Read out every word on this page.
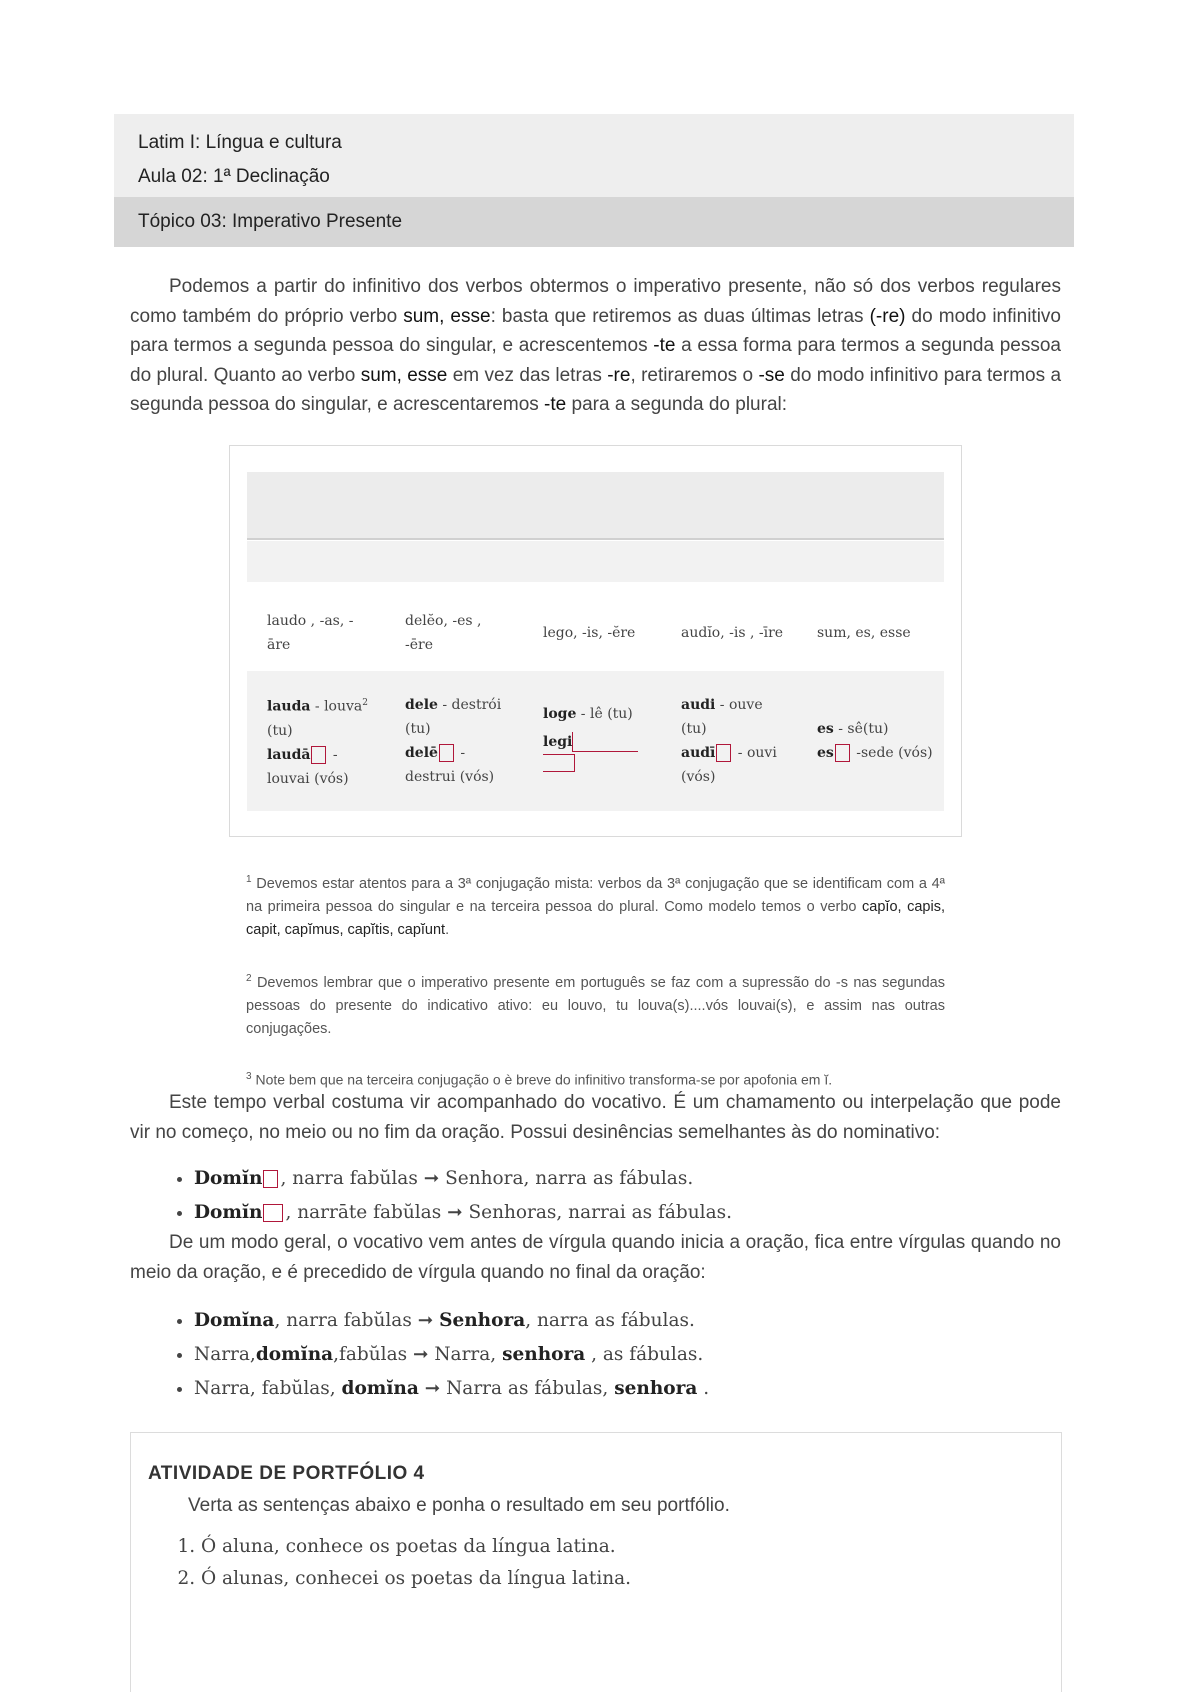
Latim I: Língua e cultura
Aula 02: 1ª Declinação
Tópico 03: Imperativo Presente

Podemos a partir do infinitivo dos verbos obtermos o imperativo presente, não só dos verbos regulares como também do próprio verbo sum, esse: basta que retiremos as duas últimas letras (-re) do modo infinitivo para termos a segunda pessoa do singular, e acrescentemos -te a essa forma para termos a segunda pessoa do plural. Quanto ao verbo sum, esse em vez das letras -re, retiraremos o -se do modo infinitivo para termos a segunda pessoa do singular, e acrescentaremos -te para a segunda do plural:

laudo , -as, -
āre
delĕo, -es ,
-ēre
lego, -is, -ĕre	audĭo, -is , -īre	sum, es, esse
lauda - louva$^2$
(tu)
laudā -
louvai (vós)
dele - destrói
(tu)
delē -
destrui (vós)
loge - lê (tu)
legi
audi - ouve
(tu)
audī - ouvi
(vós)
es - sê(tu)
es -sede (vós)

$^1$ Devemos estar atentos para a 3ª conjugação mista: verbos da 3ª conjugação que se identificam com a 4ª na primeira pessoa do singular e na terceira pessoa do plural. Como modelo temos o verbo capĭo, capis, capit, capĭmus, capĭtis, capĭunt.

$^2$ Devemos lembrar que o imperativo presente em português se faz com a supressão do -s nas segundas pessoas do presente do indicativo ativo: eu louvo, tu louva(s)....vós louvai(s), e assim nas outras conjugações.

$^3$ Note bem que na terceira conjugação o è breve do infinitivo transforma-se por apofonia em ĭ.

Este tempo verbal costuma vir acompanhado do vocativo. É um chamamento ou interpelação que pode vir no começo, no meio ou no fim da oração. Possui desinências semelhantes às do nominativo:

• Domĭn , narra fabŭlas ➞ Senhora, narra as fábulas.
• Domĭn , narrāte fabŭlas ➞ Senhoras, narrai as fábulas.

De um modo geral, o vocativo vem antes de vírgula quando inicia a oração, fica entre vírgulas quando no meio da oração, e é precedido de vírgula quando no final da oração:

• Domĭna, narra fabŭlas ➞ Senhora, narra as fábulas.
• Narra,domĭna,fabŭlas ➞ Narra, senhora , as fábulas.
• Narra, fabŭlas, domĭna ➞ Narra as fábulas, senhora .
ATIVIDADE DE PORTFÓLIO 4
Verta as sentenças abaixo e ponha o resultado em seu portfólio.
1. Ó aluna, conhece os poetas da língua latina.
2. Ó alunas, conhecei os poetas da língua latina.
